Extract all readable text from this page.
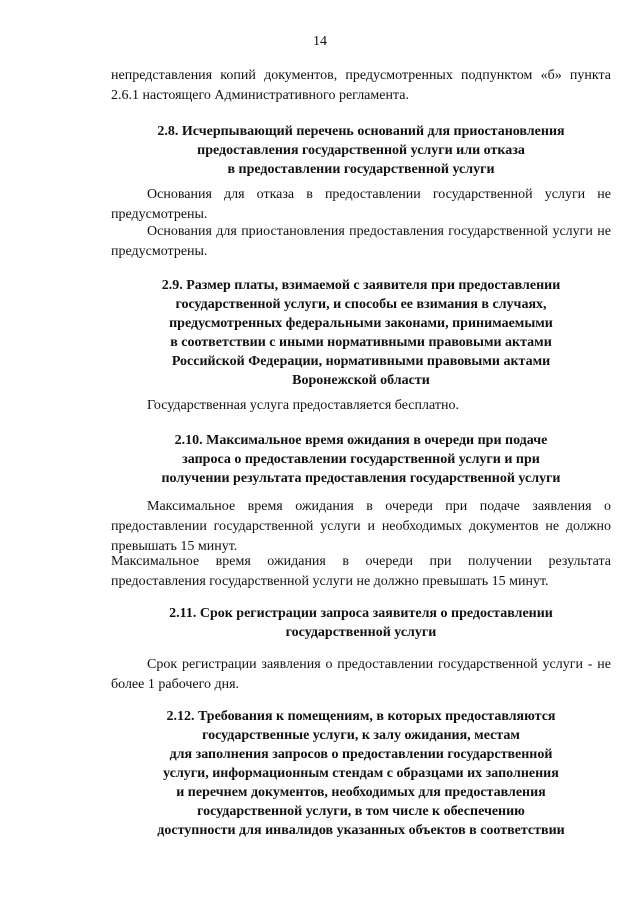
14

непредставления копий документов, предусмотренных подпунктом «б» пункта 2.6.1 настоящего Административного регламента.

2.8. Исчерпывающий перечень оснований для приостановления
предоставления государственной услуги или отказа
в предоставлении государственной услуги

Основания для отказа в предоставлении государственной услуги не предусмотрены.

Основания для приостановления предоставления государственной услуги не предусмотрены.

2.9. Размер платы, взимаемой с заявителя при предоставлении
государственной услуги, и способы ее взимания в случаях,
предусмотренных федеральными законами, принимаемыми
в соответствии с иными нормативными правовыми актами
Российской Федерации, нормативными правовыми актами
Воронежской области

Государственная услуга предоставляется бесплатно.

2.10. Максимальное время ожидания в очереди при подаче
запроса о предоставлении государственной услуги и при
получении результата предоставления государственной услуги

Максимальное время ожидания в очереди при подаче заявления о предоставлении государственной услуги и необходимых документов не должно превышать 15 минут.

Максимальное время ожидания в очереди при получении результата предоставления государственной услуги не должно превышать 15 минут.

2.11. Срок регистрации запроса заявителя о предоставлении
государственной услуги

Срок регистрации заявления о предоставлении государственной услуги - не более 1 рабочего дня.

2.12. Требования к помещениям, в которых предоставляются
государственные услуги, к залу ожидания, местам
для заполнения запросов о предоставлении государственной
услуги, информационным стендам с образцами их заполнения
и перечнем документов, необходимых для предоставления
государственной услуги, в том числе к обеспечению
доступности для инвалидов указанных объектов в соответствии
